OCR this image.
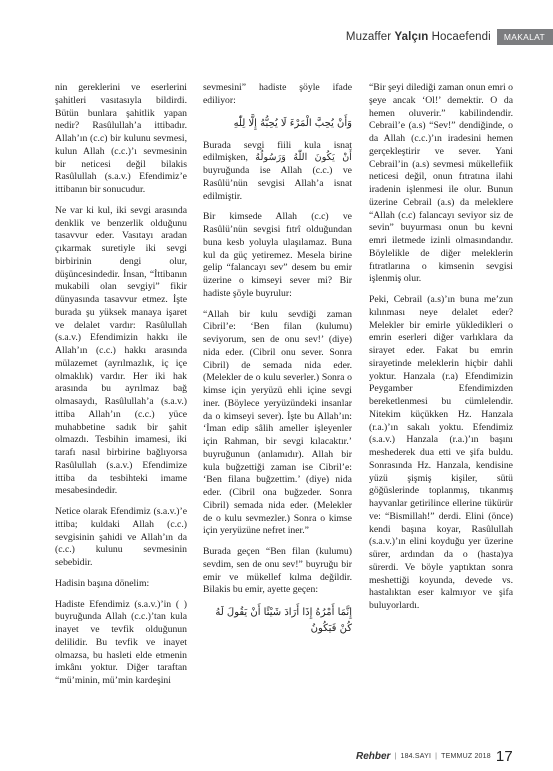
Muzaffer Yalçın Hocaefendi	MAKALAT

nin gereklerini ve eserlerini şahitleri vasıtasıyla bildirdi. Bütün bunlara şahitlik yapan nedir? Rasûlullah’a ittibadır. Allah’ın (c.c) bir kulunu sevmesi, kulun Allah (c.c.)’ı sevmesinin bir neticesi değil bilakis Rasûlullah (s.a.v.) Efendimiz’e ittibanın bir sonucudur.

Ne var ki kul, iki sevgi arasında denklik ve benzerlik olduğunu tasavvur eder. Vasıtayı aradan çıkarmak suretiyle iki sevgi birbirinin dengi olur, düşüncesindedir. İnsan, “İttibanın mukabili olan sevgiyi” fikir dünyasında tasavvur etmez. İşte burada şu yüksek manaya işaret ve delalet vardır: Rasûlullah (s.a.v.) Efendimizin hakkı ile Allah’ın (c.c.) hakkı arasında mülazemet (ayrılmazlık, iç içe olmaklık) vardır. Her iki hak arasında bu ayrılmaz bağ olmasaydı, Rasûlullah’a (s.a.v.) ittiba Allah’ın (c.c.) yüce muhabbetine sadık bir şahit olmazdı. Tesbihin imamesi, iki tarafı nasıl birbirine bağlıyorsa Rasûlullah (s.a.v.) Efendimize ittiba da tesbihteki imame mesabesindedir.

Netice olarak Efendimiz (s.a.v.)’e ittiba; kuldaki Allah (c.c.) sevgisinin şahidi ve Allah’ın da (c.c.) kulunu sevmesinin sebebidir.

Hadisin başına dönelim:

Hadiste Efendimiz (s.a.v.)’in ( ) buyruğunda Allah (c.c.)’tan kula inayet ve tevfik olduğunun delilidir. Bu tevfik ve inayet olmazsa, bu hasleti elde etmenin imkânı yoktur. Diğer taraftan “mü’minin, mü’min kardeşini

sevmesini” hadiste şöyle ifade ediliyor:

وَأَنْ يُحِبَّ الْمَرْءَ لَا يُحِبُّهُ إِلَّا لِلّٰهِ

Burada sevgi fiili kula isnat edilmişken, أَنْ يَكُونَ اللّٰهُ وَرَسُولُهُ buyruğunda ise Allah (c.c.) ve Rasûlü’nün sevgisi Allah’a isnat edilmiştir.

Bir kimsede Allah (c.c) ve Rasûlü’nün sevgisi fıtrî olduğundan buna kesb yoluyla ulaşılamaz. Buna kul da güç yetiremez. Mesela birine gelip “falancayı sev” desem bu emir üzerine o kimseyi sever mi? Bir hadiste şöyle buyrulur:

“Allah bir kulu sevdiği zaman Cibril’e: ‘Ben filan (kulumu) seviyorum, sen de onu sev!’ (diye) nida eder. (Cibril onu sever. Sonra Cibril) de semada nida eder. (Melekler de o kulu severler.) Sonra o kimse için yeryüzü ehli içine sevgi iner. (Böylece yeryüzündeki insanlar da o kimseyi sever). İşte bu Allah’ın: ‘İman edip sâlih ameller işleyenler için Rahman, bir sevgi kılacaktır.’ buyruğunun (anlamıdır). Allah bir kula buğzettiği zaman ise Cibril’e: ‘Ben filana buğzettim.’ (diye) nida eder. (Cibril ona buğzeder. Sonra Cibril) semada nida eder. (Melekler de o kulu sevmezler.) Sonra o kimse için yeryüzüne nefret iner.”

Burada geçen “Ben filan (kulumu) sevdim, sen de onu sev!” buyruğu bir emir ve mükellef kılma değildir. Bilakis bu emir, ayette geçen:

إِنَّمَا أَمْرُهُ إِذَا أَرَادَ شَيْئًا أَنْ يَقُولَ لَهُ كُنْ فَيَكُونُ

“Bir şeyi dilediği zaman onun emri o şeye ancak ‘Ol!’ demektir. O da hemen oluverir.” kabilindendir. Cebrail’e (a.s) “Sev!” dendiğinde, o da Allah (c.c.)’ın iradesini hemen gerçekleştirir ve sever. Yani Cebrail’in (a.s) sevmesi mükellefiik neticesi değil, onun fıtratına ilahi iradenin işlenmesi ile olur. Bunun üzerine Cebrail (a.s) da meleklere “Allah (c.c) falancayı seviyor siz de sevin” buyurması onun bu kevni emri iletmede izinli olmasındandır. Böylelikle de diğer meleklerin fıtratlarına o kimsenin sevgisi işlenmiş olur.

Peki, Cebrail (a.s)’ın buna me’zun kılınması neye delalet eder? Melekler bir emirle yükledikleri o emrin eserleri diğer varlıklara da sirayet eder. Fakat bu emrin sirayetinde meleklerin hiçbir dahli yoktur. Hanzala (r.a) Efendimizin Peygamber Efendimizden bereketlenmesi bu cümlelendir. Nitekim küçükken Hz. Hanzala (r.a.)’ın sakalı yoktu. Efendimiz (s.a.v.) Hanzala (r.a.)’ın başını meshederek dua etti ve şifa buldu. Sonrasında Hz. Hanzala, kendisine yüzü şişmiş kişiler, sütü göğüslerinde toplanmış, tıkanmış hayvanlar getirilince ellerine tükürür ve: “Bismillah!” derdi. Elini (önce) kendi başına koyar, Rasûlullah (s.a.v.)’ın elini koyduğu yer üzerine sürer, ardından da o (hasta)ya sürerdi. Ve böyle yaptıktan sonra meshettiği koyunda, devede vs. hastalıktan eser kalmıyor ve şifa buluyorlardı.

Rehber | 184.SAYI | TEMMUZ 2018 17
